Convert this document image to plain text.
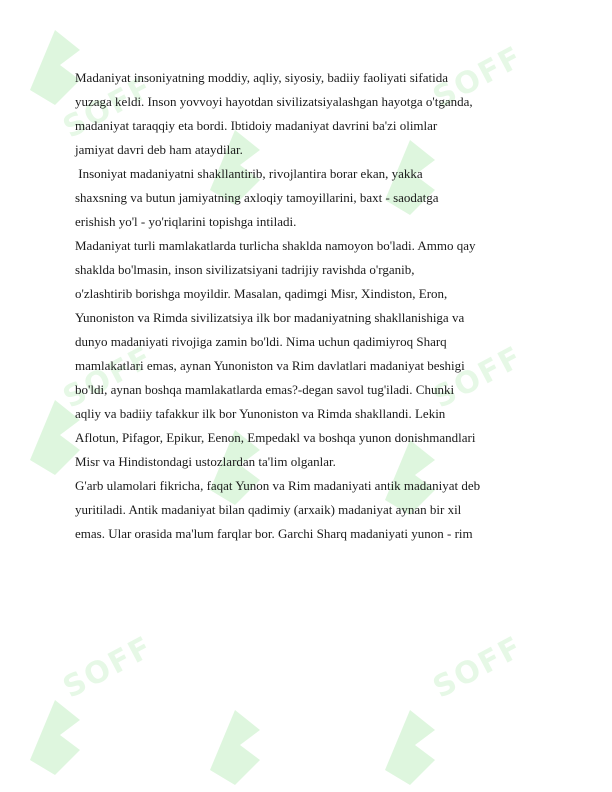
SOFF	SOFF
SOFF	SOFF
SOFF	SOFF
Madaniyat insoniyatning moddiy, aqliy, siyosiy, badiiy faoliyati sifatida
yuzaga keldi. Inson yovvoyi hayotdan sivilizatsiyalashgan hayotga o'tganda,
madaniyat taraqqiy eta bordi. Ibtidoiy madaniyat davrini ba'zi olimlar
jamiyat davri deb ham ataydilar.
Insoniyat madaniyatni shakllantirib, rivojlantira borar ekan, yakka
shaxsning va butun jamiyatning axloqiy tamoyillarini, baxt - saodatga
erishish yo'l - yo'riqlarini topishga intiladi.
Madaniyat turli mamlakatlarda turlicha shaklda namoyon bo'ladi. Ammo qay
shaklda bo'lmasin, inson sivilizatsiyani tadrijiy ravishda o'rganib,
o'zlashtirib borishga moyildir. Masalan, qadimgi Misr, Xindiston, Eron,
Yunoniston va Rimda sivilizatsiya ilk bor madaniyatning shakllanishiga va
dunyo madaniyati rivojiga zamin bo'ldi. Nima uchun qadimiyroq Sharq
mamlakatlari emas, aynan Yunoniston va Rim davlatlari madaniyat beshigi
bo'ldi, aynan boshqa mamlakatlarda emas?-degan savol tug'iladi. Chunki
aqliy va badiiy tafakkur ilk bor Yunoniston va Rimda shakllandi. Lekin
Aflotun, Pifagor, Epikur, Eenon, Empedakl va boshqa yunon donishmandlari
Misr va Hindistondagi ustozlardan ta'lim olganlar.
G'arb ulamolari fikricha, faqat Yunon va Rim madaniyati antik madaniyat deb
yuritiladi. Antik madaniyat bilan qadimiy (arxaik) madaniyat aynan bir xil
emas. Ular orasida ma'lum farqlar bor. Garchi Sharq madaniyati yunon - rim
